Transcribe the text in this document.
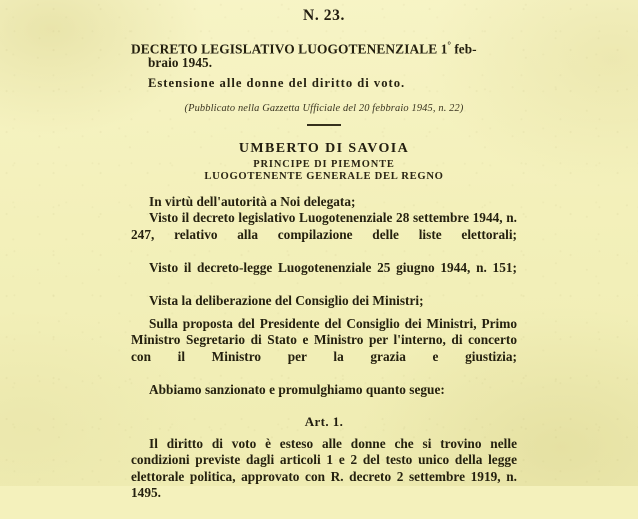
N. 23.
DECRETO LEGISLATIVO LUOGOTENENZIALE 1° feb-
braio 1945.
Estensione alle donne del diritto di voto.
(Pubblicato nella Gazzetta Ufficiale del 20 febbraio 1945, n. 22)
UMBERTO DI SAVOIA
PRINCIPE DI PIEMONTE
LUOGOTENENTE GENERALE DEL REGNO

In virtù dell'autorità a Noi delegata;

Visto il decreto legislativo Luogotenenziale 28 settembre 1944, n. 247, relativo alla compilazione delle liste elettorali;

Visto il decreto-legge Luogotenenziale 25 giugno 1944, n. 151;

Vista la deliberazione del Consiglio dei Ministri;

Sulla proposta del Presidente del Consiglio dei Ministri, Primo Ministro Segretario di Stato e Ministro per l'interno, di concerto con il Ministro per la grazia e giustizia;

Abbiamo sanzionato e promulghiamo quanto segue:

Art. 1.

Il diritto di voto è esteso alle donne che si trovino nelle condizioni previste dagli articoli 1 e 2 del testo unico della legge elettorale politica, approvato con R. decreto 2 settembre 1919, n. 1495.
